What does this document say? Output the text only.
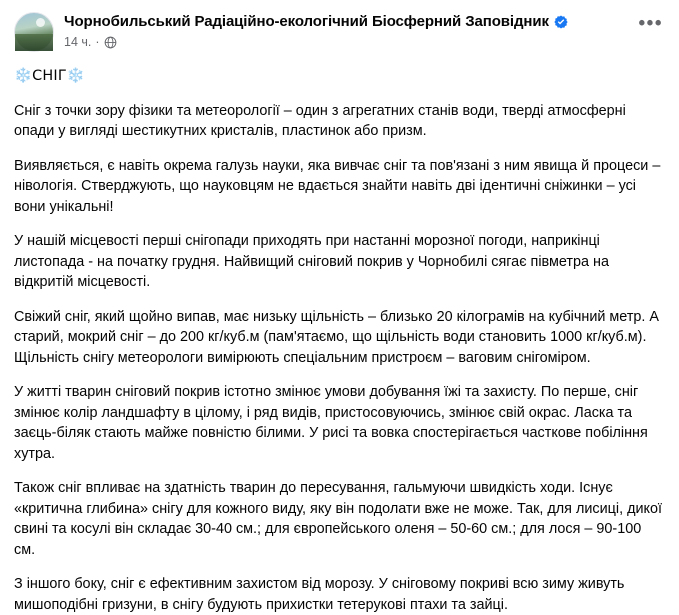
Чорнобильський Радіаційно-екологічний Біосферний Заповідник
14 ч. ·
•••

❄️СНІГ❄️

Сніг з точки зору фізики та метеорології – один з агрегатних станів води, тверді атмосферні опади у вигляді шестикутних кристалів, пластинок або призм.

Виявляється, є навіть окрема галузь науки, яка вивчає сніг та пов'язані з ним явища й процеси – нівологія. Стверджують, що науковцям не вдається знайти навіть дві ідентичні сніжинки – усі вони унікальні!

У нашій місцевості перші снігопади приходять при настанні морозної погоди, наприкінці листопада - на початку грудня. Найвищий сніговий покрив у Чорнобилі сягає півметра на відкритій місцевості.

Свіжий сніг, який щойно випав, має низьку щільність – близько 20 кілограмів на кубічний метр. А старий, мокрий сніг – до 200 кг/куб.м (пам'ятаємо, що щільність води становить 1000 кг/куб.м). Щільність снігу метеорологи вимірюють спеціальним пристроєм – ваговим снігоміром.

У житті тварин сніговий покрив істотно змінює умови добування їжі та захисту. По перше, сніг змінює колір ландшафту в цілому, і ряд видів, пристосовуючись, змінює свій окрас. Ласка та заєць-біляк стають майже повністю білими. У рисі та вовка спостерігається часткове побіління хутра.

Також сніг впливає на здатність тварин до пересування, гальмуючи швидкість ходи. Існує «критична глибина» снігу для кожного виду, яку він подолати вже не може. Так, для лисиці, дикої свині та косулі він складає 30-40 см.; для європейського оленя – 50-60 см.; для лося – 90-100 см.

З іншого боку, сніг є ефективним захистом від морозу. У сніговому покриві всю зиму живуть мишоподібні гризуни, в снігу будують прихистки тетерукові птахи та зайці.
